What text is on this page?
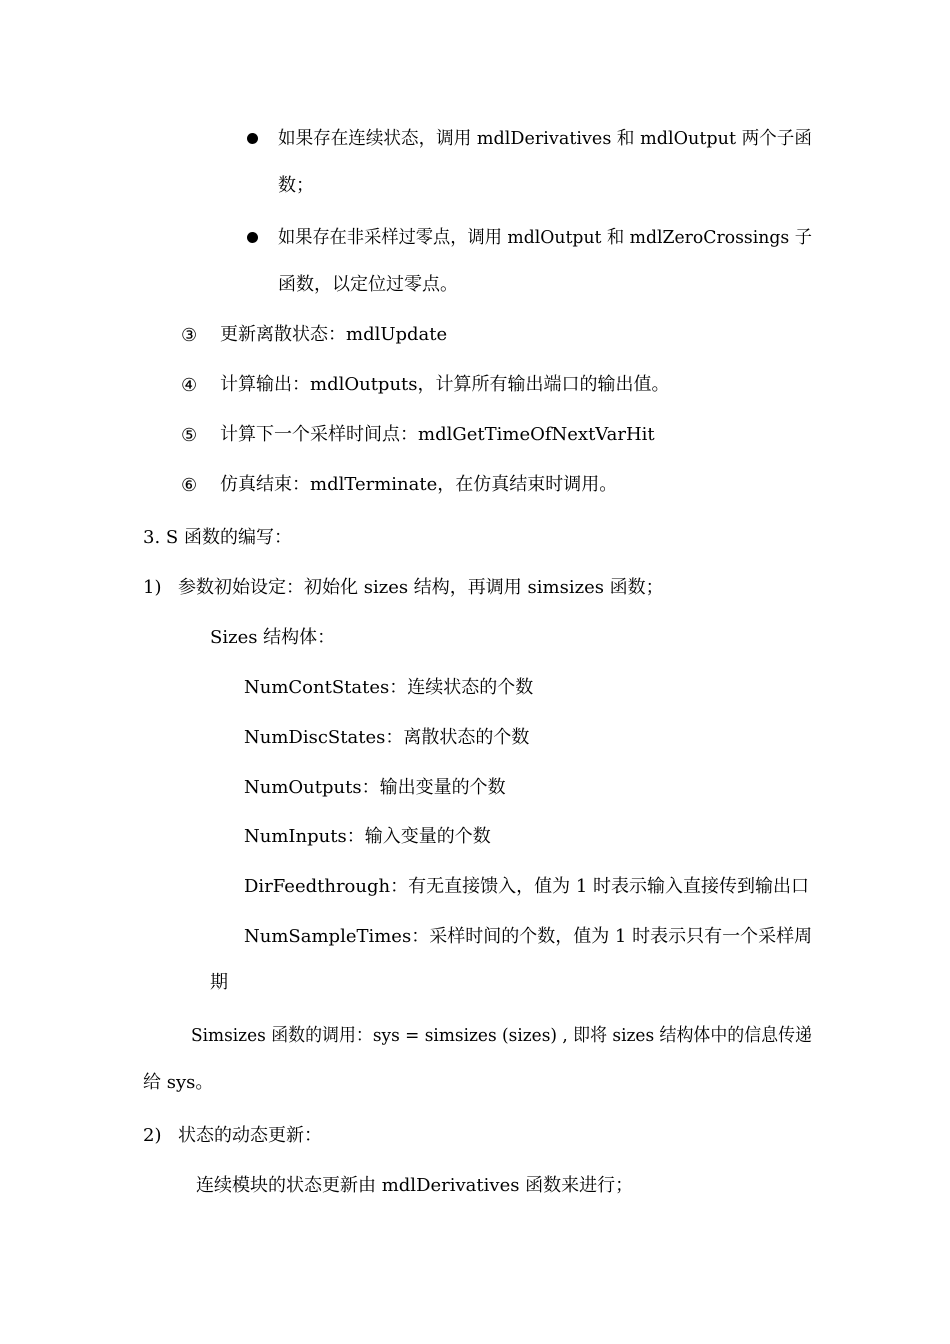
如果存在连续状态，调用 mdlDerivatives 和 mdlOutput 两个子函
数；
如果存在非采样过零点，调用 mdlOutput 和 mdlZeroCrossings 子
函数，以定位过零点。
③ 更新离散状态：mdlUpdate
④ 计算输出：mdlOutputs，计算所有输出端口的输出值。
⑤ 计算下一个采样时间点：mdlGetTimeOfNextVarHit
⑥ 仿真结束：mdlTerminate，在仿真结束时调用。
3. S 函数的编写：
1) 参数初始设定：初始化 sizes 结构，再调用 simsizes 函数；
Sizes 结构体：
NumContStates：连续状态的个数
NumDiscStates：离散状态的个数
NumOutputs：输出变量的个数
NumInputs：输入变量的个数
DirFeedthrough：有无直接馈入，值为 1 时表示输入直接传到输出口
NumSampleTimes：采样时间的个数，值为 1 时表示只有一个采样周
期
Simsizes 函数的调用：sys = simsizes (sizes) , 即将 sizes 结构体中的信息传递
给 sys。
2) 状态的动态更新：
连续模块的状态更新由 mdlDerivatives 函数来进行；
